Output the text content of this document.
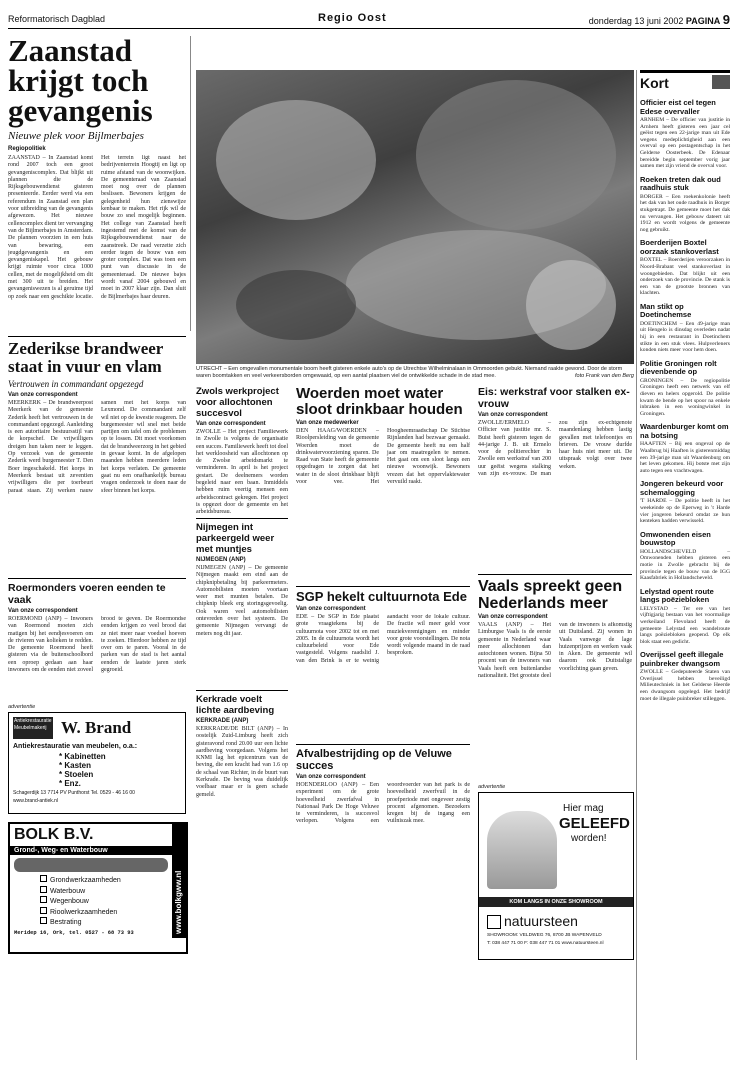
Reformatorisch Dagblad	Regio Oost	donderdag 13 juni 2002 PAGINA 9
Zaanstad
krijgt toch
gevangenis
Nieuwe plek voor Bijlmerbajes
Regiopolitiek
ZAANSTAD – In Zaanstad komt rond 2007 toch een groot gevangeniscomplex. Dat blijkt uit plannen die de Rijksgebouwendienst gisteren presenteerde. Eerder werd via een referendum in Zaanstad een plan voor uitbreiding van de gevangenis afgewezen. Het nieuwe cellencomplex dient ter vervanging van de Bijlmerbajes in Amsterdam. De plannen voorzien in een huis van bewaring, een jeugdgevangenis en een gevangeniskapel. Het gebouw krijgt ruimte voor circa 1000 cellen, met de mogelijkheid om dit met 300 uit te breiden. Het gevangeniswezen is al geruime tijd op zoek naar een geschikte locatie. Het terrein ligt naast het bedrijventerrein Hoogtij en ligt op ruime afstand van de woonwijken. De gemeenteraad van Zaanstad moet nog over de plannen beslissen. Bewoners krijgen de gelegenheid hun zienswijze kenbaar te maken. Het rijk wil de bouw zo snel mogelijk beginnen. Het college van Zaanstad heeft ingestemd met de komst van de Rijksgebouwendienst naar de zaanstreek. De raad verzette zich eerder tegen de bouw van een groter complex. Dat was toen een punt van discussie in de gemeenteraad. De nieuwe bajes wordt vanaf 2004 gebouwd en moet in 2007 klaar zijn. Dan sluit de Bijlmerbajes haar deuren.
UTRECHT – Een omgevallen monumentale boom heeft gisteren enkele auto's op de Utrechtse Wilhelminalaan in Ommoorden gebukt. Niemand raakte gewond. Door de storm waren boomtakken en veel verkeersborden omgewaaid, op een aantal plaatsen viel de ontwikkelde schade in de stad mee.	foto Frank van den Berg
Kort
Officier eist cel tegen Edese overvaller
ARNHEM – De officier van justitie in Arnhem heeft gisteren een jaar cel geëist tegen een 22-jarige man uit Ede wegens medeplichtigheid aan een overval op een postagentschap in het Gelderse Oosterbeek. De Edenaar bereidde begin september vorig jaar samen met zijn vriend de overval voor.
Roeken treten dak oud raadhuis stuk
BORGER – Een roekenkolonie heeft het dak van het oude raadhuis in Borger stukgetrapt. De gemeente moet het dak nu vervangen. Het gebouw dateert uit 1912 en wordt volgens de gemeente nog gebruikt.
Boerderijen Boxtel oorzaak stankoverlast
BOXTEL – Boerderijen veroorzaken in Noord-Brabant veel stankoverlast in woongebieden. Dat blijkt uit een onderzoek van de provincie. De stank is een van de grootste bronnen van klachten.
Man stikt op Doetinchemse
DOETINCHEM – Een 49-jarige man uit Hengelo is dinsdag overleden nadat hij in een restaurant in Doetinchem stikte in een stuk vlees. Hulpverleners konden niets meer voor hem doen.
Politie Groningen rolt dievenbende op
GRONINGEN – De regiopolitie Groningen heeft een netwerk van elf dieven en helers opgerold. De politie kwam de bende op het spoor na enkele inbraken in een woningwinkel in Groningen.
Waardenburger komt om na botsing
HAAFTEN – Bij een ongeval op de Waalbrug bij Haaften is gisterenmiddag een 39-jarige man uit Waardenburg om het leven gekomen. Hij botste met zijn auto tegen een vrachtwagen.
Jongeren bekeurd voor schemalogging
'T HARDE – De politie heeft in het weekeinde op de Eperweg in 't Harde vier jongeren bekeurd omdat ze hun kenteken hadden verwisseld.
Omwonenden eisen bouwstop
HOLLANDSCHEVELD – Omwonenden hebben gisteren een motie in Zwolle gebracht bij de provincie tegen de bouw van de IGG Kaasfabriek in Hollandscheveld.
Lelystad opent route langs poëziebloken
LELYSTAD – Ter ere van het vijftigjarig bestaan van het voormalige werkeiland Flevoland heeft de gemeente Lelystad een wandelroute langs poëziebloken geopend. Op elk blok staat een gedicht.
Overijssel geeft illegale puinbreker dwangsom
ZWOLLE – Gedeputeerde Staten van Overijssel hebben beveiligd Milieutechniek in het Gelderse Heerde een dwangsom opgelegd. Het bedrijf moet de illegale puinbreker stilleggen.
Zederikse brandweer staat in vuur en vlam
Vertrouwen in commandant opgezegd
Van onze correspondent
MEERKERK – De brandweerpost Meerkerk van de gemeente Zederik heeft het vertrouwen in de commandant opgezegd. Aanleiding is een autoritaire bestuursstijl van de korpschef. De vrijwilligers dreigen hun taken neer te leggen. Op verzoek van de gemeente Zederik werd burgemeester T. Den Boer ingeschakeld. Het korps in Meerkerk bestaat uit zeventien vrijwilligers die per toerbeurt paraat staan. Zij werken nauw samen met het korps van Lexmond. De commandant zelf wil niet op de kwestie reageren. De burgemeester wil snel met beide partijen om tafel om de problemen op te lossen. Dit moet voorkomen dat de brandweerzorg in het gebied in gevaar komt. In de afgelopen maanden hebben meerdere leden het korps verlaten. De gemeente gaat nu een onafhankelijk bureau vragen onderzoek te doen naar de sfeer binnen het korps.
Roermonders voeren eenden te vaak
Van onze correspondent
ROERMOND (ANP) – Inwoners van Roermond moeten zich matigen bij het eendjesvoeren om de rivieren van kolieken te redden. De gemeente Roermond heeft gisteren via de buitenschoolbord een oproep gedaan aan haar inwoners om de eenden niet zoveel brood te geven. De Roermondse eenden krijgen zo veel brood dat ze niet meer naar voedsel hoeven te zoeken. Hierdoor hebben ze tijd over om te paren. Vooral in de parken van de stad is het aantal eenden de laatste jaren sterk gegroeid.
Zwols werkproject voor allochtonen succesvol
Van onze correspondent
ZWOLLE – Het project Familiewerk in Zwolle is volgens de organisatie een succes. Familiewerk heeft tot doel het werkloosheid van allochtonen op de Zwolse arbeidsmarkt te verminderen. In april is het project gestart. De deelnemers worden begeleid naar een baan. Inmiddels hebben ruim veertig mensen een arbeidscontract gekregen. Het project is opgezet door de gemeente en het arbeidsbureau.
Nijmegen int parkeergeld weer met muntjes
NIJMEGEN (ANP)
NIJMEGEN (ANP) – De gemeente Nijmegen maakt een eind aan de chipknipbetaling bij parkeermeters. Automobilisten moeten voortaan weer met munten betalen. De chipknip bleek erg storingsgevoelig. Ook waren veel automobilisten ontevreden over het systeem. De gemeente Nijmegen vervangt de meters nog dit jaar.
Kerkrade voelt lichte aardbeving
KERKRADE (ANP)
KERKRADE/DE BILT (ANP) – In oostelijk Zuid-Limburg heeft zich gisteravond rond 20.00 uur een lichte aardbeving voorgedaan. Volgens het KNMI lag het epicentrum van de beving, die een kracht had van 1.6 op de schaal van Richter, in de buurt van Kerkrade. De beving was duidelijk voelbaar maar er is geen schade gemeld.
Woerden moet water sloot drinkbaar houden
Van onze medewerker
DEN HAAG/WOERDEN – Rioolpersleiding van de gemeente Woerden moet de drinkwatervoorziening sparen. De Raad van State heeft de gemeente opgedragen te zorgen dat het water in de sloot drinkbaar blijft voor vee. Het Hoogheemraadschap De Stichtse Rijnlanden had bezwaar gemaakt. De gemeente heeft nu een half jaar om maatregelen te nemen. Het gaat om een sloot langs een nieuwe woonwijk. Bewoners vrezen dat het oppervlaktewater vervuild raakt.
SGP hekelt cultuurnota Ede
Van onze correspondent
EDE – De SGP in Ede plaatst grote vraagtekens bij de cultuurnota voor 2002 tot en met 2005. In de cultuurnota wordt het cultuurbeleid voor Ede vastgesteld. Volgens raadslid J. van den Brink is er te weinig aandacht voor de lokale cultuur. De fractie wil meer geld voor muziekverenigingen en minder voor grote voorstellingen. De nota wordt volgende maand in de raad besproken.
Afvalbestrijding op de Veluwe succes
Van onze correspondent
HOENDERLOO (ANP) – Een experiment om de grote hoeveelheid zwerfafval in Nationaal Park De Hoge Veluwe te verminderen, is succesvol verlopen. Volgens een woordvoerder van het park is de hoeveelheid zwerfvuil in de proefperiode met ongeveer zestig procent afgenomen. Bezoekers kregen bij de ingang een vuilniszak mee.
Eis: werkstraf voor stalken ex-vrouw
Van onze correspondent
ZWOLLE/ERMELO – Officier van justitie mr. S. Buist heeft gisteren tegen de 44-jarige J. B. uit Ermelo voor de politierechter in Zwolle een werkstraf van 200 uur geëist wegens stalking van zijn ex-vrouw. De man zou zijn ex-echtgenote maandenlang hebben lastig gevallen met telefoontjes en brieven. De vrouw durfde haar huis niet meer uit. De uitspraak volgt over twee weken.
Vaals spreekt geen Nederlands meer
Van onze correspondent
VAALS (ANP) – Het Limburgse Vaals is de eerste gemeente in Nederland waar meer allochtonen dan autochtonen wonen. Bijna 50 procent van de inwoners van Vaals heeft een buitenlandse nationaliteit. Het grootste deel van de inwoners is afkomstig uit Duitsland. Zij wonen in Vaals vanwege de lage huizenprijzen en werken vaak in Aken. De gemeente wil daarom ook Duitstalige voorlichting gaan geven.
advertentie
Antiekrestauratie Meubelmakerij W. Brand
Antiekrestauratie van meubelen, o.a.:
* Kabinetten
* Kasten
* Stoelen
* Enz.
Schagerdijk 13 7714 PV Punthorst Tel. 0529 - 46 16 00
www.brand-antiek.nl
BOLK B.V.
Grond-, Weg- en Waterbouw
Grondwerkzaamheden
Waterbouw
Wegenbouw
Rioolwerkzaamheden
Bestrating
Meridep 16, Ork, tel. 0527 - 68 73 93	www.bolkgww.nl
advertentie
Hier mag
GELEEFD
worden!
KOM LANGS IN ONZE SHOWROOM
natuursteen
SHOWROOM: VELDWEG 76, 8700 JB WAPENVELD
T: 038 447 71 00 F: 038 447 71 01 www.natuursteen.nl
